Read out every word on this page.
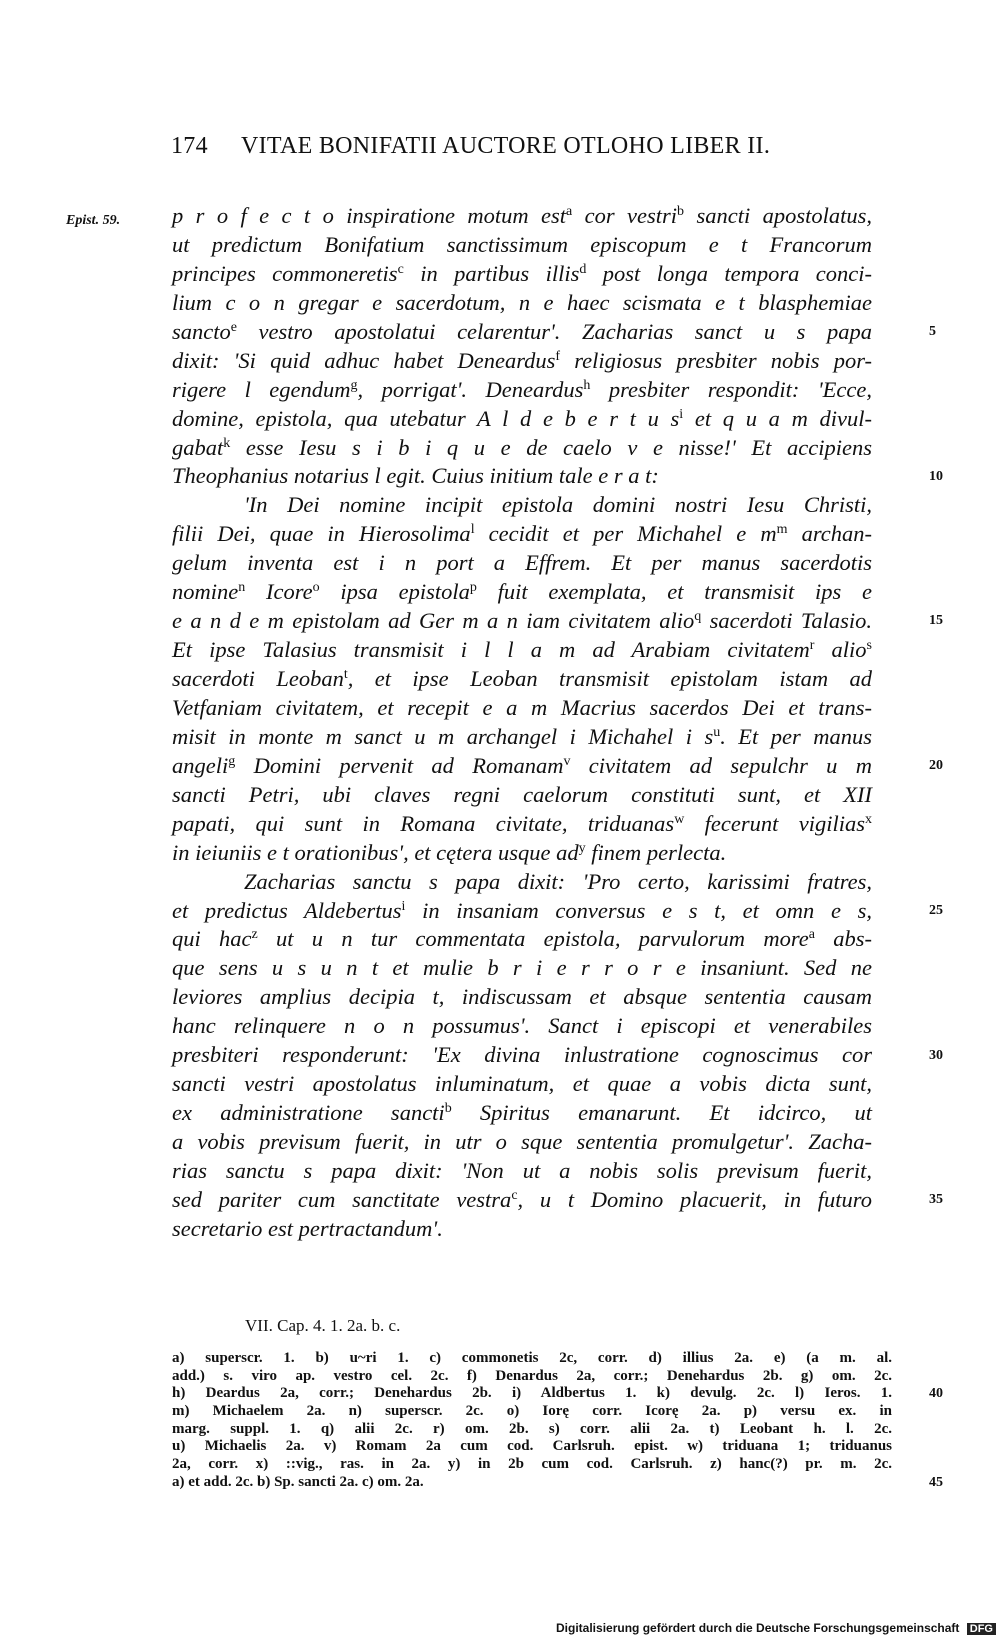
174 VITAE BONIFATII AUCTORE OTLOHO LIBER II.
Epist. 59. p r o f e c t o inspiratione motum est$^a$ cor vestri$^b$ sancti apostolatus,
ut predictum Bonifatium sanctissimum episcopum e t Francorum
principes commoneretis$^c$ in partibus illis$^d$ post longa tempora conci-
lium c o n gregar e sacerdotum, n e haec scismata e t blasphemiae
sancto$^e$ vestro apostolatui celarentur'. Zacharias sanct u s papa
dixit: 'Si quid adhuc habet Deneardus$^f$ religiosus presbiter nobis por-
rigere l egendum$^g$, porrigat'. Deneardus$^h$ presbiter respondit: 'Ecce,
domine, epistola, qua utebatur A l d e b e r t u $s^i$ et q u a m divul-
gabat$^k$ esse Iesu s i b i q u e de caelo v e nisse!' Et accipiens
Theophanius notarius l egit. Cuius initium tale e r a t:
'In Dei nomine incipit epistola domini nostri Iesu Christi,
filii Dei, quae in Hierosolima$^l$ cecidit et per Michahel e $m^m$ archan-
gelum inventa est i n port a Effrem. Et per manus sacerdotis
nomine$^n$ Icore$^o$ ipsa epistola$^p$ fuit exemplata, et transmisit ips e
e a n d e m epistolam ad Ger m a n iam civitatem alio$^q$ sacerdoti Talasio.
Et ipse Talasius transmisit i l l a m ad Arabiam civitatem$^r$ alio$^s$
sacerdoti Leoban$^t$, et ipse Leoban transmisit epistolam istam ad
Vetfaniam civitatem, et recepit e a m Macrius sacerdos Dei et trans-
misit in monte m sanct u m archangel i Michahel i $s^u$. Et per manus
angeli$^g$ Domini pervenit ad Romanam$^v$ civitatem ad sepulchr u m
sancti Petri, ubi claves regni caelorum constituti sunt, et XII
papati, qui sunt in Romana civitate, triduanas$^w$ fecerunt vigilias$^x$
in ieiuniis e t orationibus', et cętera usque $ad^y$ finem perlecta.
Zacharias sanctu s papa dixit: 'Pro certo, karissimi fratres,
et predictus Aldebertus$^i$ in insaniam conversus e s t, et omn e s,
qui hac$^z$ ut u n tur commentata epistola, parvulorum more$^a$ abs-
que sens u s u n t et mulie b r i e r r o r e insaniunt. Sed ne
leviores amplius decipia t, indiscussam et absque sententia causam
hanc relinquere n o n possumus'. Sanct i episcopi et venerabiles
presbiteri responderunt: 'Ex divina inlustratione cognoscimus cor
sancti vestri apostolatus inluminatum, et quae a vobis dicta sunt,
ex administratione sancti$^b$ Spiritus emanarunt. Et idcirco, ut
a vobis previsum fuerit, in utr o sque sententia promulgetur'. Zacha-
rias sanctu s papa dixit: 'Non ut a nobis solis previsum fuerit,
sed pariter cum sanctitate vestra$^c$, u t Domino placuerit, in futuro
secretario est pertractandum'.
5
10
15
20
25
30
35
VII. Cap. 4. 1. 2a. b. c.
a) superscr. 1. b) u~ri 1. c) commonetis 2c, corr. d) illius 2a. e) (a m. al.
add.) s. viro ap. vestro cel. 2c. f) Denardus 2a, corr.; Denehardus 2b. g) om. 2c.
h) Deardus 2a, corr.; Denehardus 2b. i) Aldbertus 1. k) devulg. 2c. l) Ieros. 1.
m) Michaelem 2a. n) superscr. 2c. o) Iorę corr. Icorę 2a. p) versu ex. in
marg. suppl. 1. q) alii 2c. r) om. 2b. s) corr. alii 2a. t) Leobant h. l. 2c.
u) Michaelis 2a. v) Romam 2a cum cod. Carlsruh. epist. w) triduana 1; triduanus
2a, corr. x) ::vig., ras. in 2a. y) in 2b cum cod. Carlsruh. z) hanc(?) pr. m. 2c.
a) et add. 2c. b) Sp. sancti 2a. c) om. 2a.
40
45
Digitalisierung gefördert durch die Deutsche Forschungsgemeinschaft DFG
